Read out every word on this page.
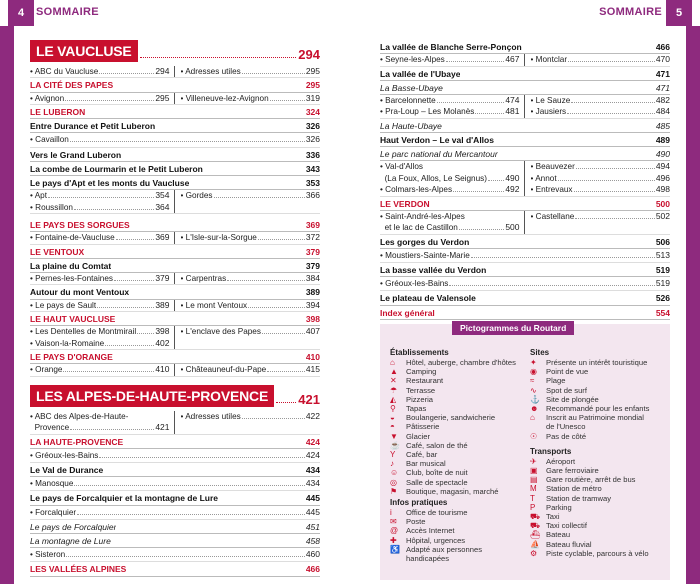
4	SOMMAIRE	SOMMAIRE	5
LE VAUCLUSE	294
• ABC du Vaucluse	294 • Adresses utiles	295
LA CITÉ DES PAPES	295
• Avignon	295 • Villeneuve-lez-Avignon	319
LE LUBERON	324
Entre Durance et Petit Luberon	326
• Cavaillon	326
Vers le Grand Luberon	336
La combe de Lourmarin et le Petit Luberon	343
Le pays d'Apt et les monts du Vaucluse	353
• Apt	354
• Roussillon	364
• Gordes	366
LE PAYS DES SORGUES	369
• Fontaine-de-Vaucluse	369 • L'Isle-sur-la-Sorgue	372
LE VENTOUX	379
La plaine du Comtat	379
• Pernes-les-Fontaines	379 • Carpentras	384
Autour du mont Ventoux	389
• Le pays de Sault	389 • Le mont Ventoux	394
LE HAUT VAUCLUSE	398
• Les Dentelles de Montmirail 398
• Vaison-la-Romaine	402
• L'enclave des Papes	407
LE PAYS D'ORANGE	410
• Orange	410 • Châteauneuf-du-Pape	415
LES ALPES-DE-HAUTE-PROVENCE	421
• ABC des Alpes-de-Haute-
Provence	421
• Adresses utiles	422
LA HAUTE-PROVENCE	424
• Gréoux-les-Bains	424
Le Val de Durance	434
• Manosque	434
Le pays de Forcalquier et la montagne de Lure	445
• Forcalquier	445
Le pays de Forcalquier	451
La montagne de Lure	458
• Sisteron	460
LES VALLÉES ALPINES	466
La vallée de Blanche Serre-Ponçon	466
• Seyne-les-Alpes	467 • Montclar	470
La vallée de l'Ubaye	471
La Basse-Ubaye	471
• Barcelonnette	474
• Pra-Loup – Les Molanès	481
• Le Sauze	482
• Jausiers	484
La Haute-Ubaye	485
Haut Verdon – Le val d'Allos	489
Le parc national du Mercantour	490
• Val-d'Allos
(La Foux, Allos, Le Seignus) 490
• Colmars-les-Alpes	492
• Beauvezer	494
• Annot	496
• Entrevaux	498
LE VERDON	500
• Saint-André-les-Alpes
et le lac de Castillon	500
• Castellane	502
Les gorges du Verdon	506
• Moustiers-Sainte-Marie	513
La basse vallée du Verdon	519
• Gréoux-les-Bains	519
Le plateau de Valensole	526
Index général	554
Pictogrammes du Routard
Établissements
⌂	Hôtel, auberge, chambre d'hôtes
▲	Camping
✕	Restaurant
☂	Terrasse
◭	Pizzeria
⚲	Tapas
◒	Boulangerie, sandwicherie
◓	Pâtisserie
▼	Glacier
☕ Café, salon de thé
Y	Café, bar
♪	Bar musical
☺	Club, boîte de nuit
◎	Salle de spectacle
⚑	Boutique, magasin, marché
Infos pratiques
i	Office de tourisme
✉	Poste
@	Accès Internet
✚	Hôpital, urgences
♿ Adapté aux personnes
handicapées
Sites
✦	Présente un intérêt touristique
◉	Point de vue
≈	Plage
∿	Spot de surf
⚓ Site de plongée
☻ Recommandé pour les enfants
⌂	Inscrit au Patrimoine mondial
de l'Unesco
☉	Pas de côté
Transports
✈	Aéroport
▣	Gare ferroviaire
▤	Gare routière, arrêt de bus
M	Station de métro
T	Station de tramway
P	Parking
⛟ Taxi
⛟ Taxi collectif
⛴ Bateau
⛵ Bateau fluvial
⚙	Piste cyclable, parcours à vélo
